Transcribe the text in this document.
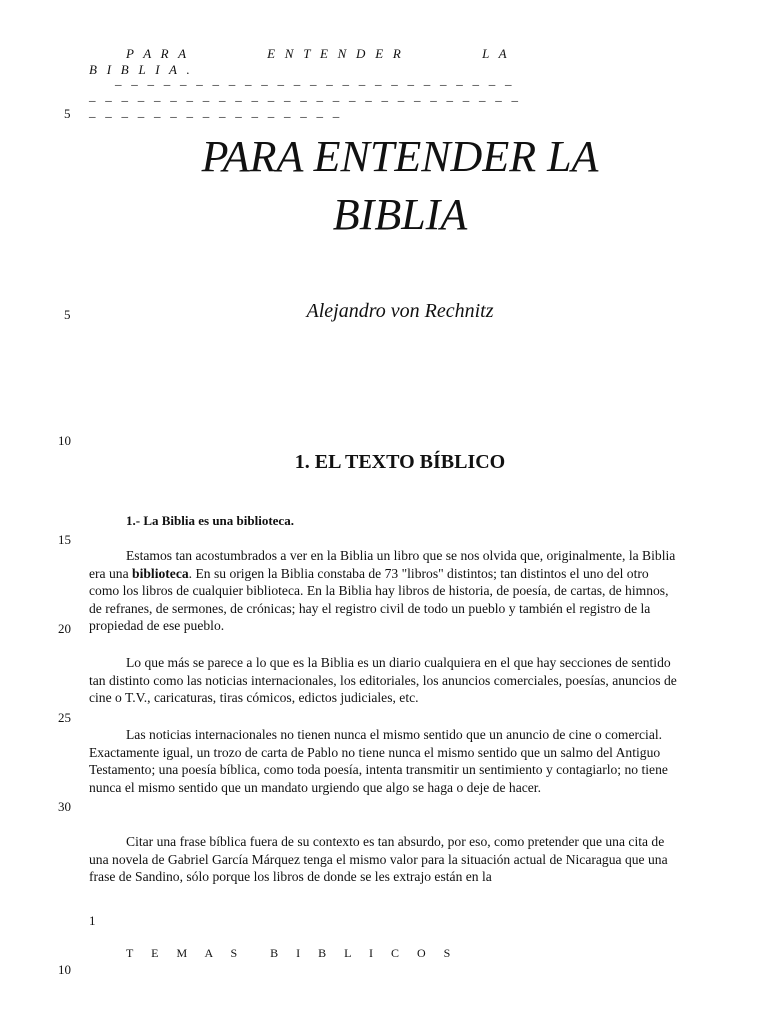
P   A   R   A                         E   N   T   E   N   D   E   R                         L   A
B   I   B   L   I   A   .
_   _   _   _   _   _   _   _   _   _   _   _   _   _   _   _   _   _   _   _   _   _   _   _   _
_   _   _   _   _   _   _   _   _   _   _   _   _   _   _   _   _   _   _   _   _   _   _   _   _   _   _
_   _   _   _   _   _   _   _   _   _   _   _   _   _   _   _
5
5
10
15
20
25
30
10
PARA ENTENDER LA
BIBLIA
Alejandro von Rechnitz
1. EL TEXTO BÍBLICO
1.- La Biblia es una biblioteca.

Estamos tan acostumbrados a ver en la Biblia un libro que se nos olvida que, originalmente, la Biblia era una biblioteca. En su origen la Biblia constaba de 73 "libros" distintos; tan distintos el uno del otro como los libros de cualquier biblioteca. En la Biblia hay libros de historia, de poesía, de cartas, de himnos, de refranes, de sermones, de crónicas; hay el registro civil de todo un pueblo y también el registro de la propiedad de ese pueblo.

Lo que más se parece a lo que es la Biblia es un diario cualquiera en el que hay secciones de sentido tan distinto como las noticias internacionales, los editoriales, los anuncios comerciales, poesías, anuncios de cine o T.V., caricaturas, tiras cómicos, edictos judiciales, etc.

Las noticias internacionales no tienen nunca el mismo sentido que un anuncio de cine o comercial. Exactamente igual, un trozo de carta de Pablo no tiene nunca el mismo sentido que un salmo del Antiguo Testamento; una poesía bíblica, como toda poesía, intenta transmitir un sentimiento y contagiarlo; no tiene nunca el mismo sentido que un mandato urgiendo que algo se haga o deje de hacer.

Citar una frase bíblica fuera de su contexto es tan absurdo, por eso, como pretender que una cita de una novela de Gabriel García Márquez tenga el mismo valor para la situación actual de Nicaragua que una frase de Sandino, sólo porque los libros de donde se les extrajo están en la

1
T      E      M      A      S           B      I      B      L      I      C      O      S
